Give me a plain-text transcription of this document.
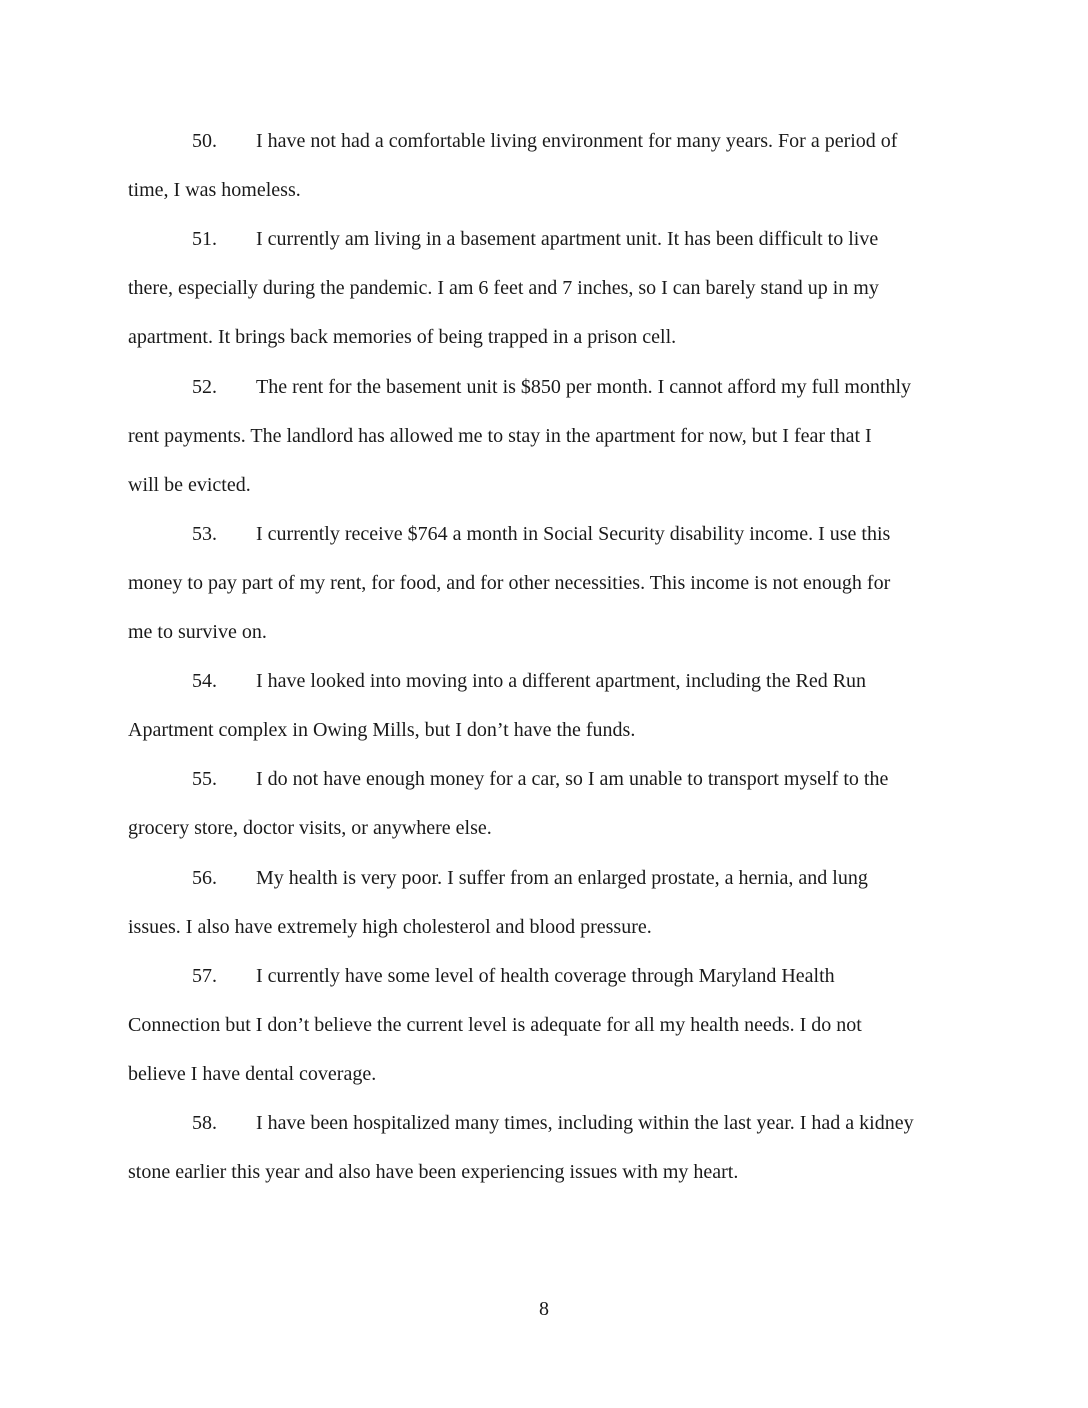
50. I have not had a comfortable living environment for many years. For a period of
time, I was homeless.
51. I currently am living in a basement apartment unit. It has been difficult to live
there, especially during the pandemic. I am 6 feet and 7 inches, so I can barely stand up in my
apartment. It brings back memories of being trapped in a prison cell.
52. The rent for the basement unit is $850 per month. I cannot afford my full monthly
rent payments. The landlord has allowed me to stay in the apartment for now, but I fear that I
will be evicted.
53. I currently receive $764 a month in Social Security disability income. I use this
money to pay part of my rent, for food, and for other necessities. This income is not enough for
me to survive on.
54. I have looked into moving into a different apartment, including the Red Run
Apartment complex in Owing Mills, but I don’t have the funds.
55. I do not have enough money for a car, so I am unable to transport myself to the
grocery store, doctor visits, or anywhere else.
56. My health is very poor. I suffer from an enlarged prostate, a hernia, and lung
issues. I also have extremely high cholesterol and blood pressure.
57. I currently have some level of health coverage through Maryland Health
Connection but I don’t believe the current level is adequate for all my health needs. I do not
believe I have dental coverage.
58. I have been hospitalized many times, including within the last year. I had a kidney
stone earlier this year and also have been experiencing issues with my heart.
8
